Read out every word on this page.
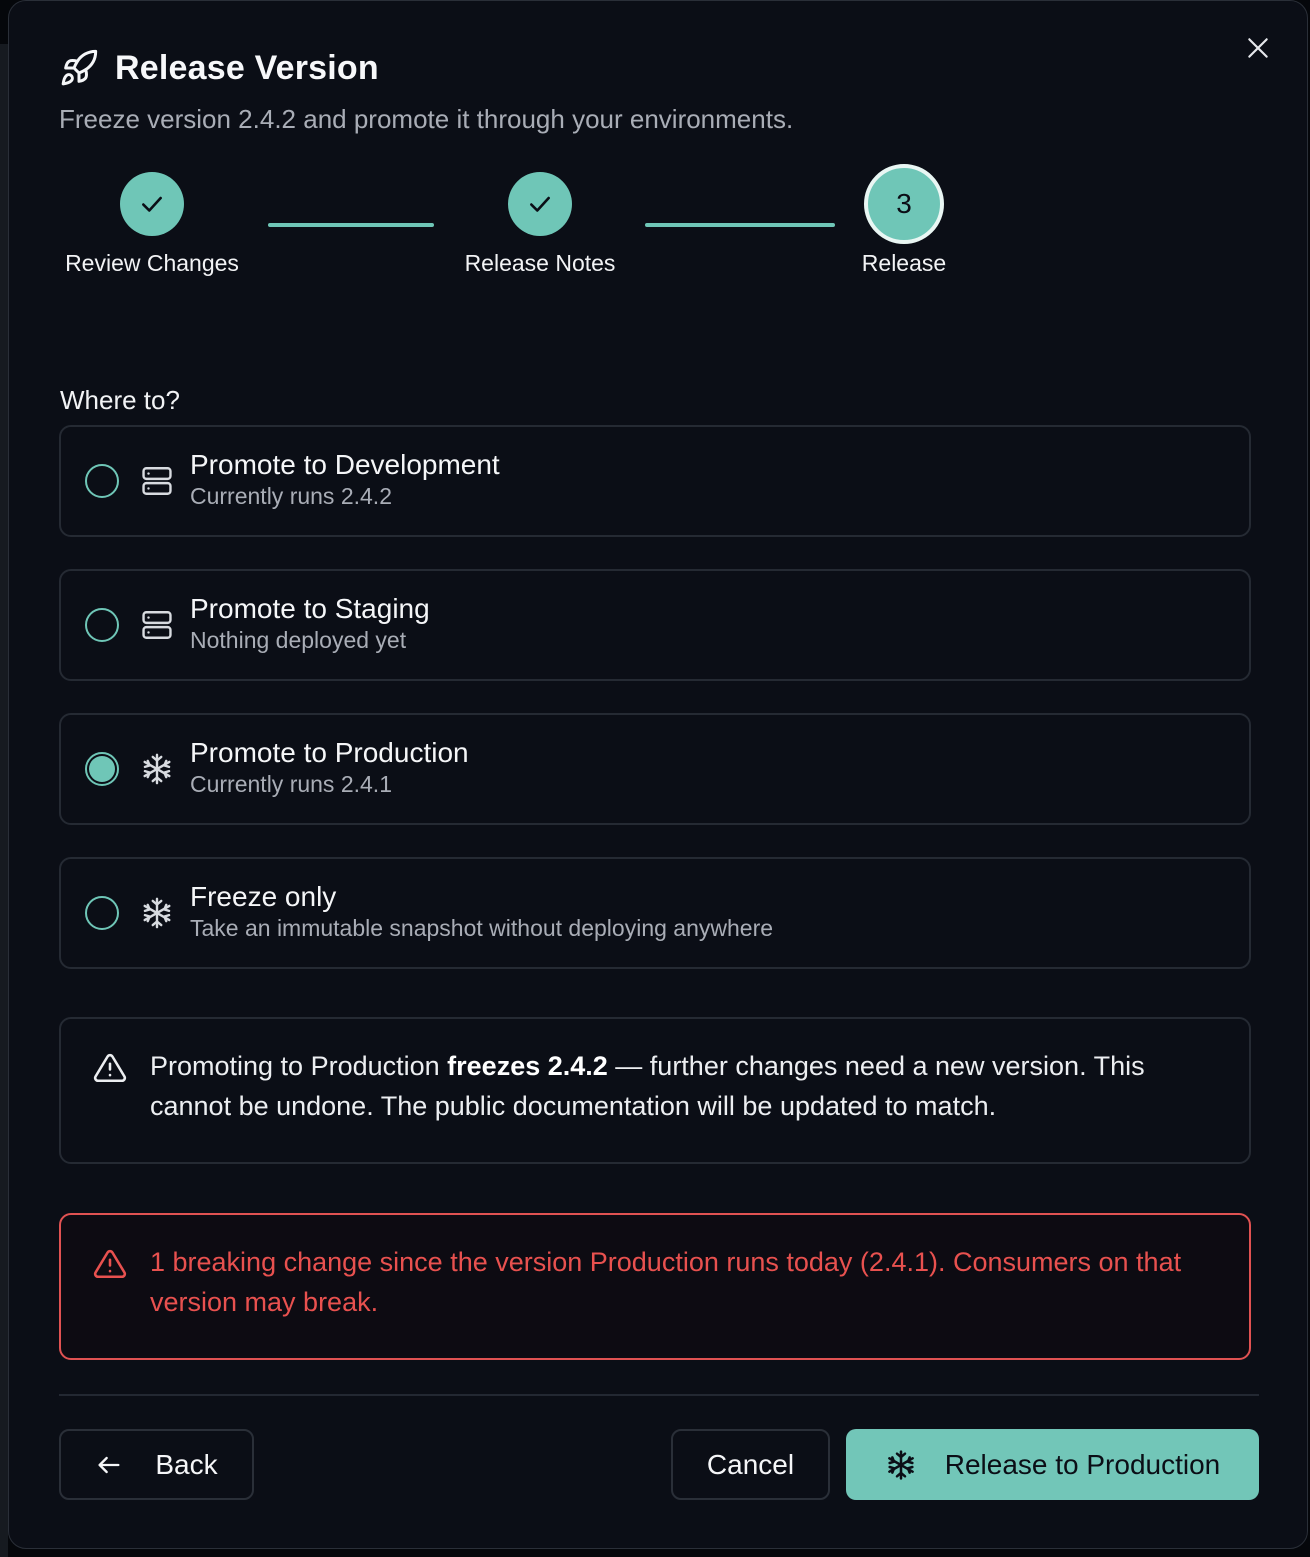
Release Version
Freeze version 2.4.2 and promote it through your environments.
Review Changes	Release Notes
3
Release
Where to?
Promote to Development
Currently runs 2.4.2
Promote to Staging
Nothing deployed yet
Promote to Production
Currently runs 2.4.1
Freeze only
Take an immutable snapshot without deploying anywhere
Promoting to Production freezes 2.4.2 — further changes need a new version. This cannot be undone. The public documentation will be updated to match.
1 breaking change since the version Production runs today (2.4.1). Consumers on that version may break.
Back	Cancel	Release to Production
